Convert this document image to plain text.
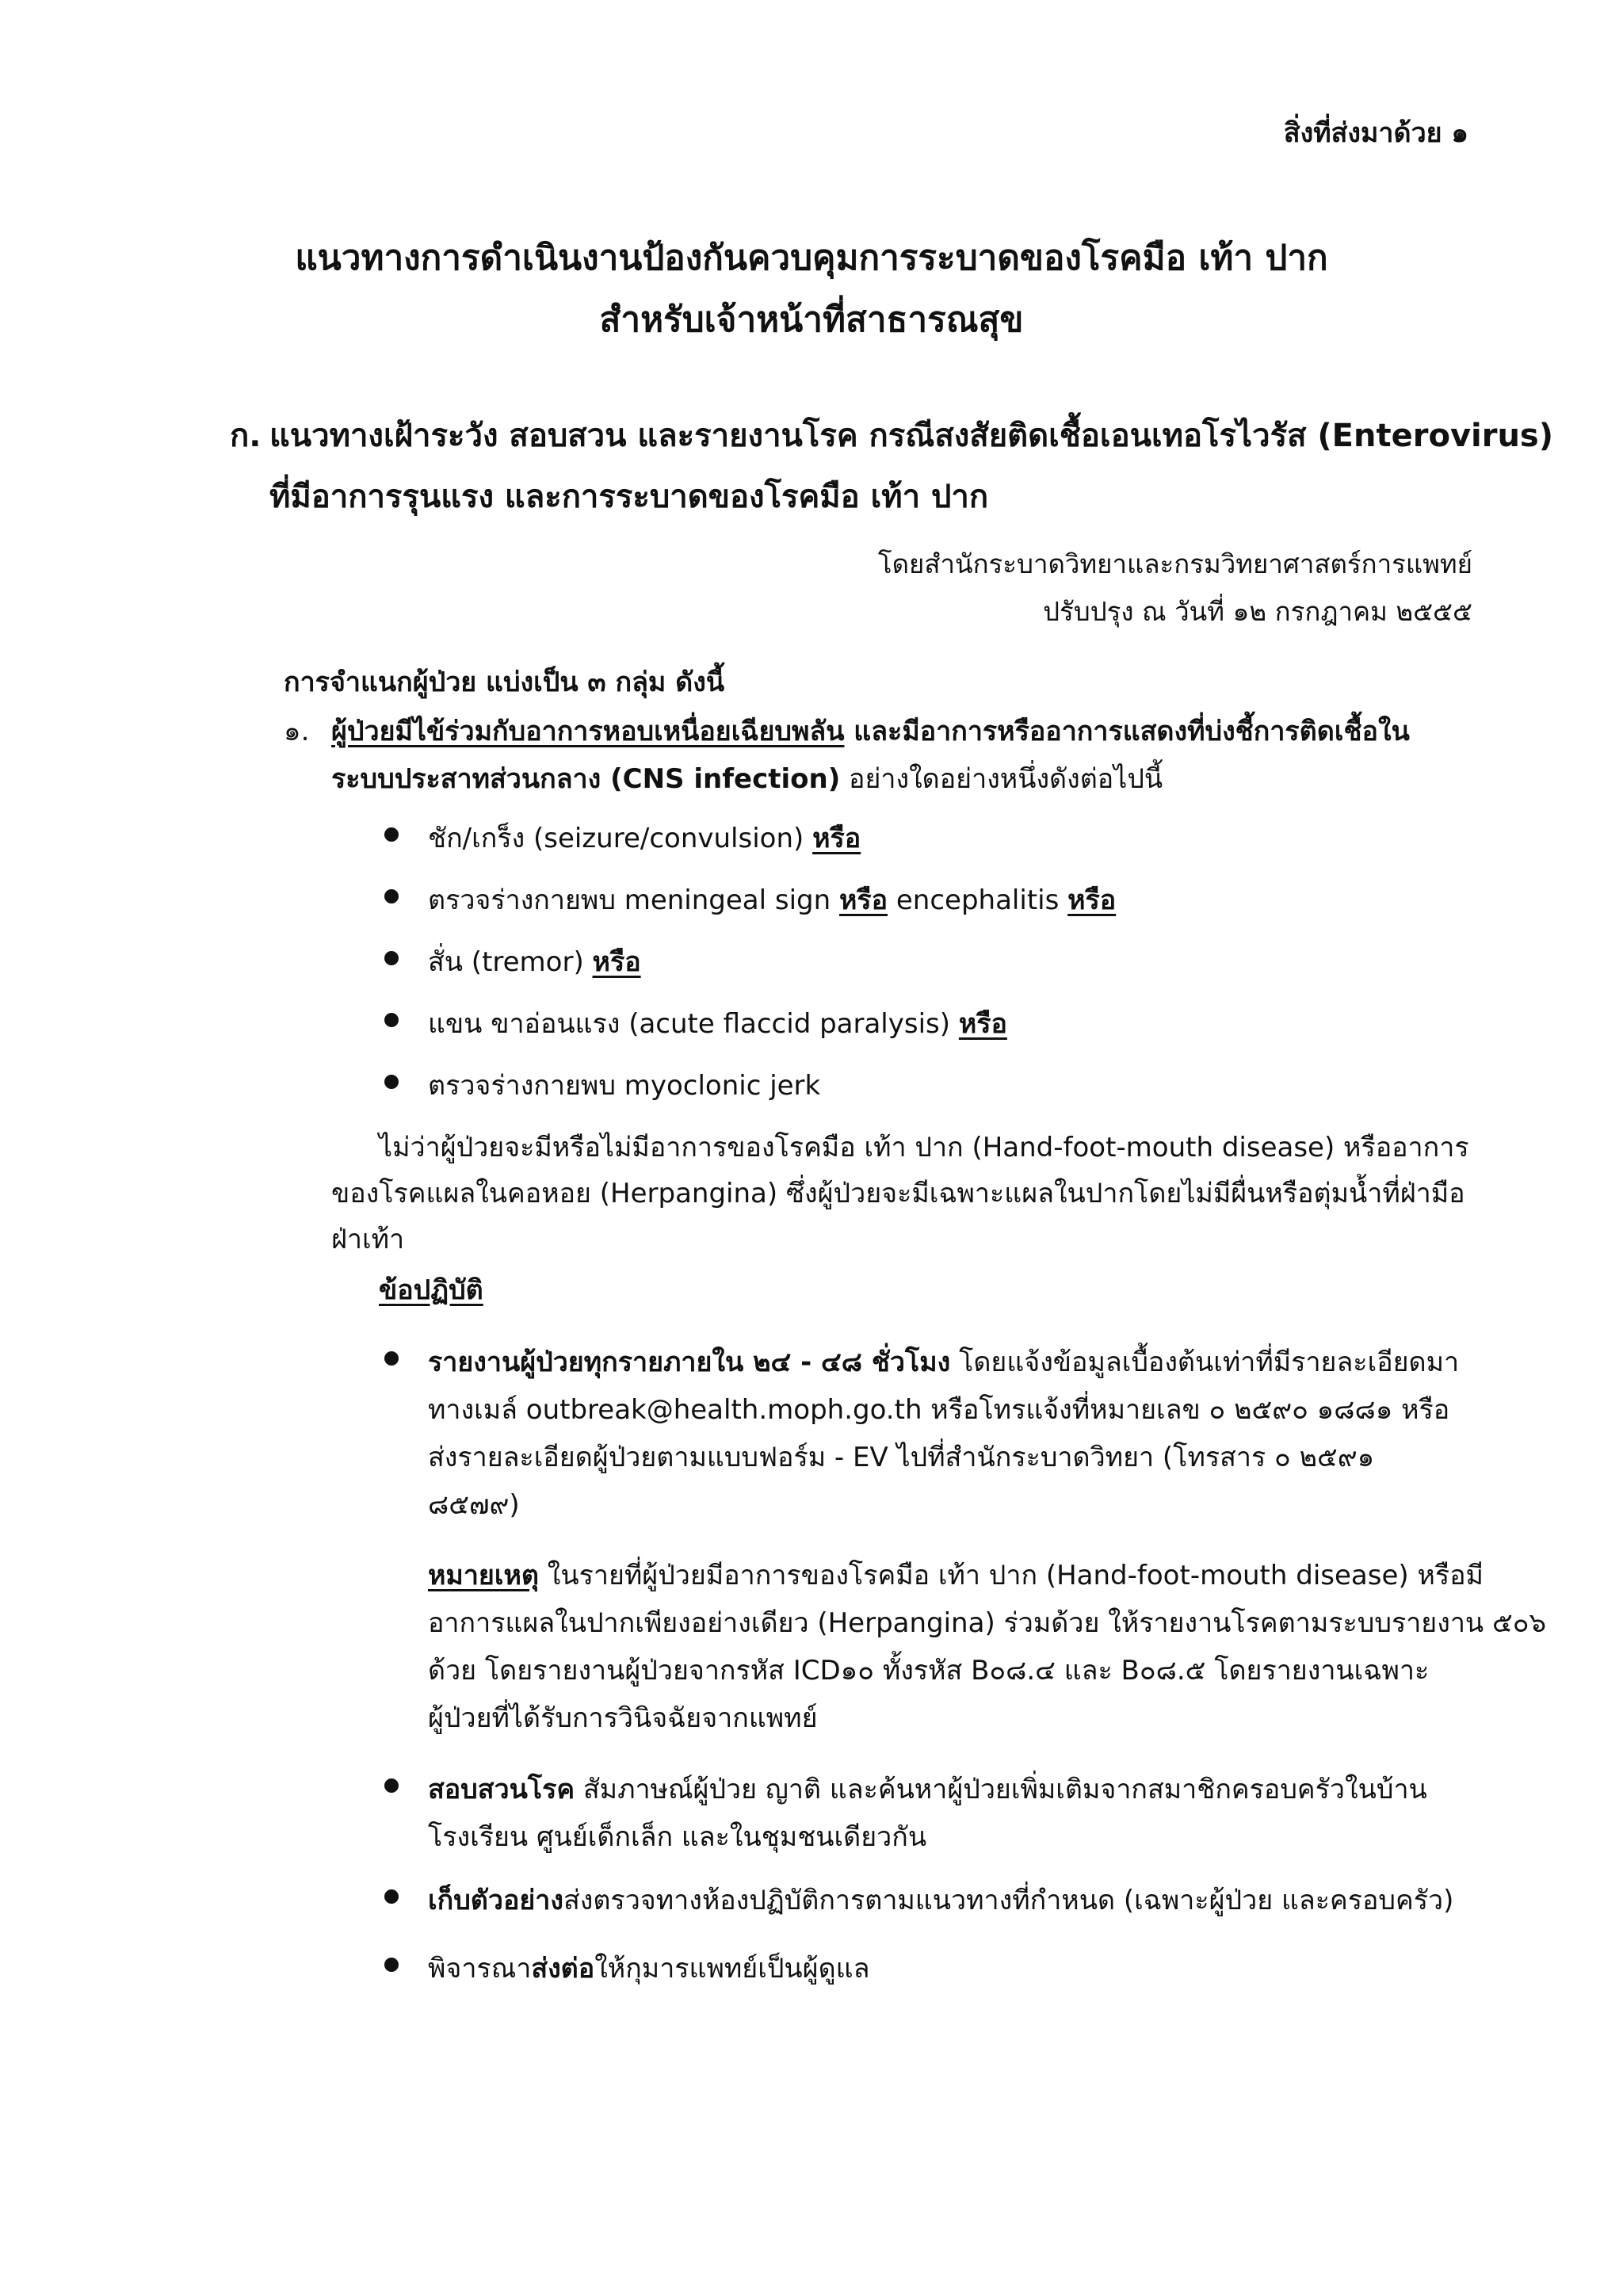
สิ่งที่ส่งมาด้วย ๑
แนวทางการดำเนินงานป้องกันควบคุมการระบาดของโรคมือ เท้า ปาก
สำหรับเจ้าหน้าที่สาธารณสุข
ก. แนวทางเฝ้าระวัง สอบสวน และรายงานโรค กรณีสงสัยติดเชื้อเอนเทอโรไวรัส (Enterovirus)
ที่มีอาการรุนแรง และการระบาดของโรคมือ เท้า ปาก
โดยสำนักระบาดวิทยาและกรมวิทยาศาสตร์การแพทย์
ปรับปรุง ณ วันที่ ๑๒ กรกฎาคม ๒๕๕๕
การจำแนกผู้ป่วย แบ่งเป็น ๓ กลุ่ม ดังนี้
๑. ผู้ป่วยมีไข้ร่วมกับอาการหอบเหนื่อยเฉียบพลัน และมีอาการหรืออาการแสดงที่บ่งชี้การติดเชื้อใน
ระบบประสาทส่วนกลาง (CNS infection) อย่างใดอย่างหนึ่งดังต่อไปนี้
ชัก/เกร็ง (seizure/convulsion) หรือ
ตรวจร่างกายพบ meningeal sign หรือ encephalitis หรือ
สั่น (tremor) หรือ
แขน ขาอ่อนแรง (acute flaccid paralysis) หรือ
ตรวจร่างกายพบ myoclonic jerk
ไม่ว่าผู้ป่วยจะมีหรือไม่มีอาการของโรคมือ เท้า ปาก (Hand-foot-mouth disease) หรืออาการ
ของโรคแผลในคอหอย (Herpangina) ซึ่งผู้ป่วยจะมีเฉพาะแผลในปากโดยไม่มีผื่นหรือตุ่มน้ำที่ฝ่ามือ
ฝ่าเท้า
ข้อปฏิบัติ
รายงานผู้ป่วยทุกรายภายใน ๒๔ - ๔๘ ชั่วโมง โดยแจ้งข้อมูลเบื้องต้นเท่าที่มีรายละเอียดมา
ทางเมล์ outbreak@health.moph.go.th หรือโทรแจ้งที่หมายเลข ๐ ๒๕๙๐ ๑๘๘๑ หรือ
ส่งรายละเอียดผู้ป่วยตามแบบฟอร์ม - EV ไปที่สำนักระบาดวิทยา (โทรสาร ๐ ๒๕๙๑
๘๕๗๙)
หมายเหตุ ในรายที่ผู้ป่วยมีอาการของโรคมือ เท้า ปาก (Hand-foot-mouth disease) หรือมี
อาการแผลในปากเพียงอย่างเดียว (Herpangina) ร่วมด้วย ให้รายงานโรคตามระบบรายงาน ๕๐๖
ด้วย โดยรายงานผู้ป่วยจากรหัส ICD๑๐ ทั้งรหัส B๐๘.๔ และ B๐๘.๕ โดยรายงานเฉพาะ
ผู้ป่วยที่ได้รับการวินิจฉัยจากแพทย์
สอบสวนโรค สัมภาษณ์ผู้ป่วย ญาติ และค้นหาผู้ป่วยเพิ่มเติมจากสมาชิกครอบครัวในบ้าน
โรงเรียน ศูนย์เด็กเล็ก และในชุมชนเดียวกัน
เก็บตัวอย่างส่งตรวจทางห้องปฏิบัติการตามแนวทางที่กำหนด (เฉพาะผู้ป่วย และครอบครัว)
พิจารณาส่งต่อให้กุมารแพทย์เป็นผู้ดูแล
